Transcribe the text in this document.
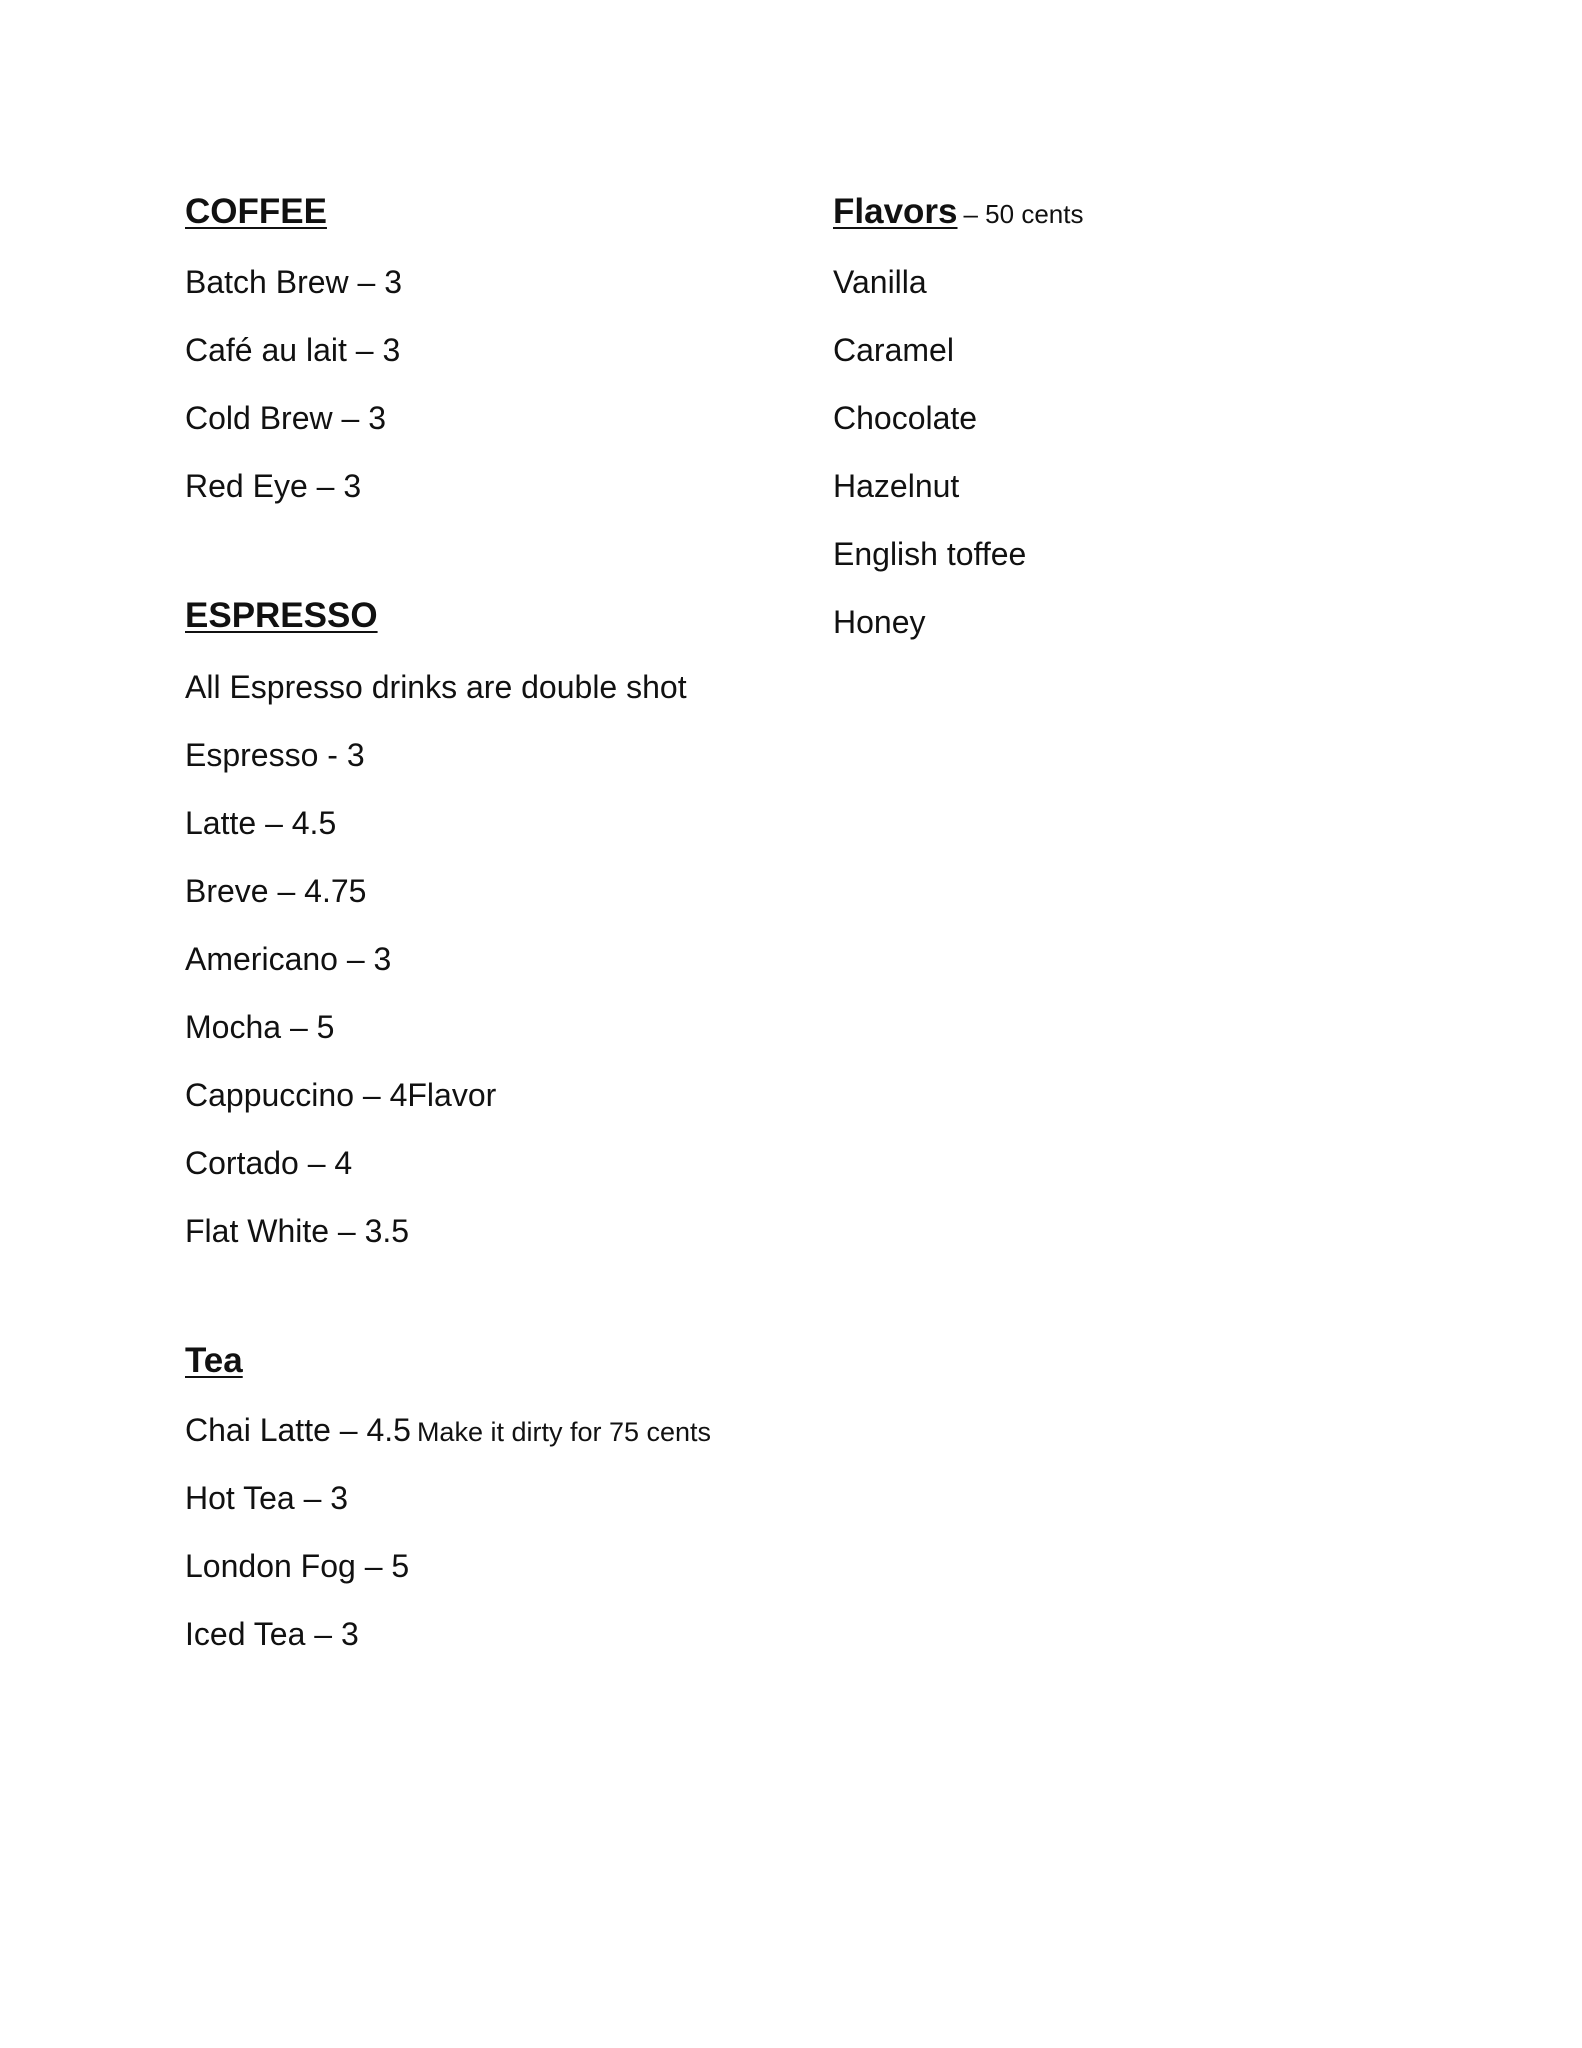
COFFEE
Batch Brew – 3
Café au lait – 3
Cold Brew – 3
Red Eye – 3
ESPRESSO
All Espresso drinks are double shot
Espresso - 3
Latte – 4.5
Breve – 4.75
Americano – 3
Mocha – 5
Cappuccino – 4Flavor
Cortado – 4
Flat White – 3.5
Tea
Chai Latte – 4.5 Make it dirty for 75 cents
Hot Tea – 3
London Fog – 5
Iced Tea – 3
Flavors – 50 cents
Vanilla
Caramel
Chocolate
Hazelnut
English toffee
Honey
